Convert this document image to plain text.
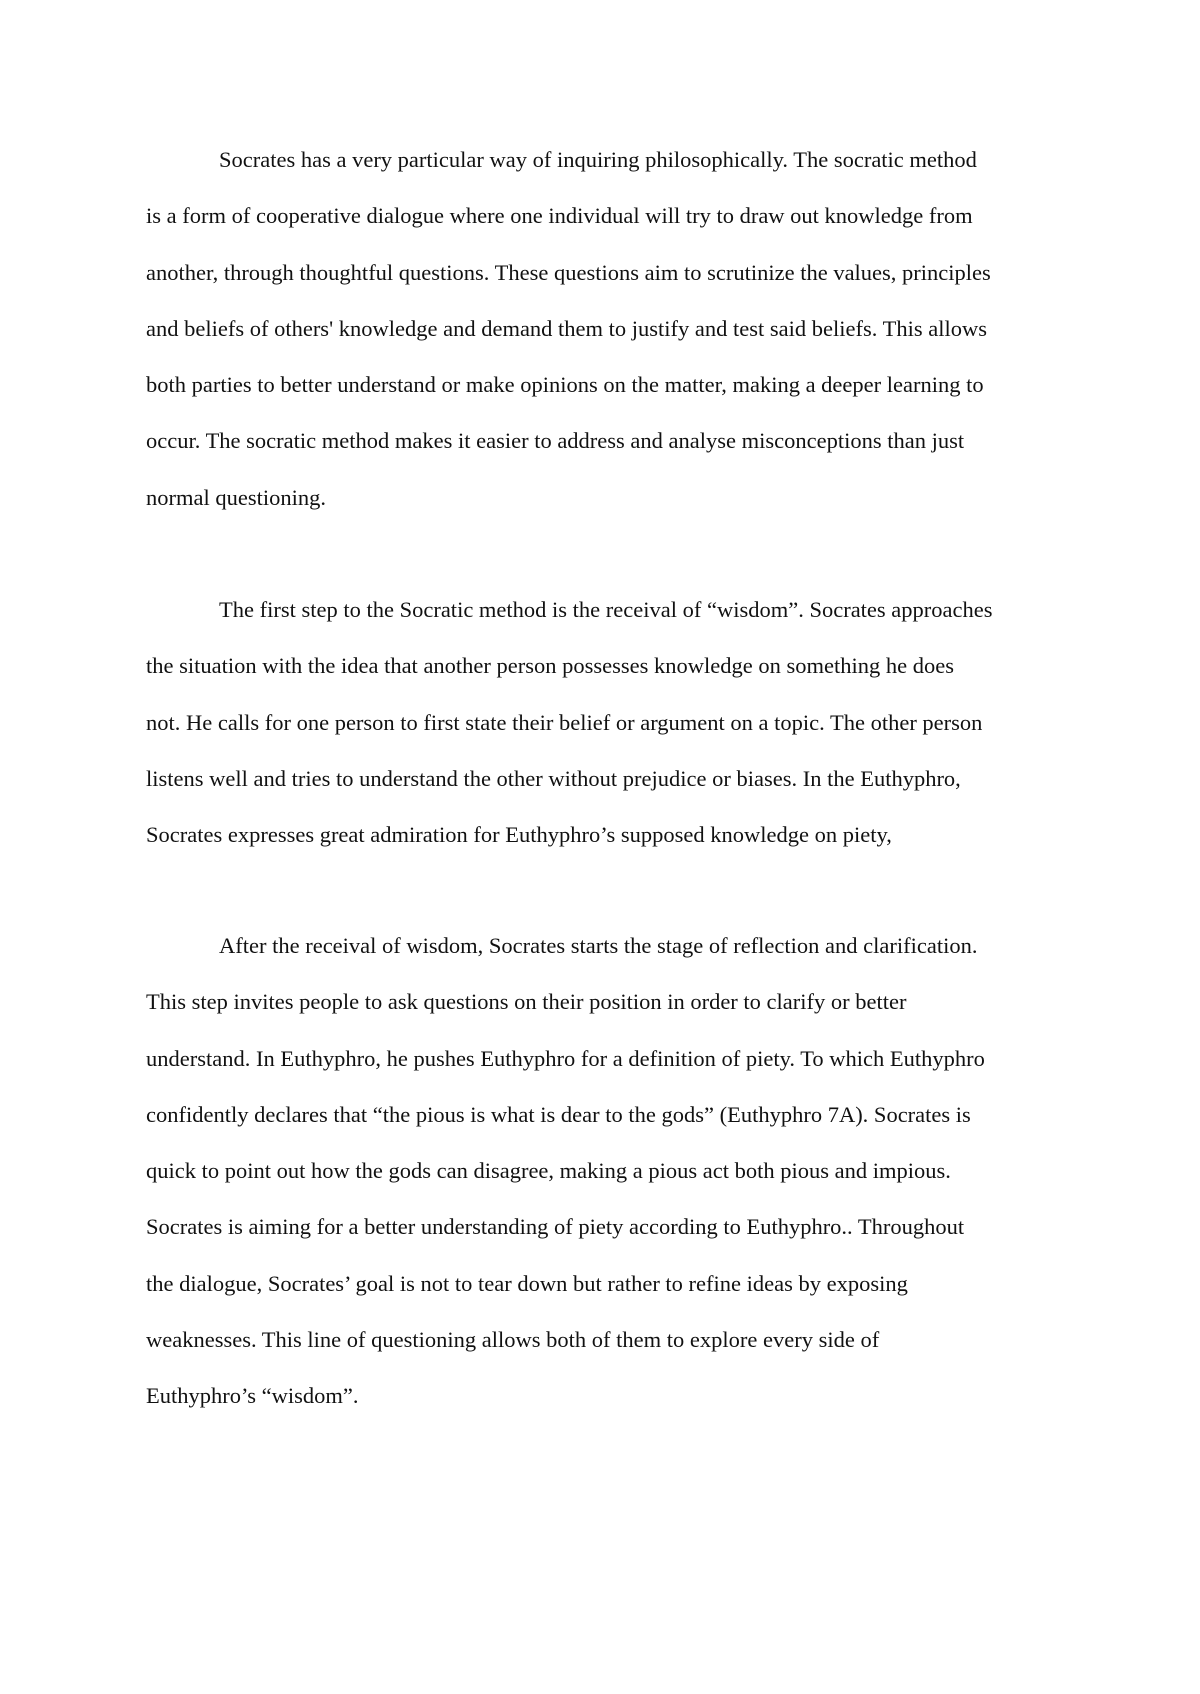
Socrates has a very particular way of inquiring philosophically. The socratic method
is a form of cooperative dialogue where one individual will try to draw out knowledge from
another, through thoughtful questions. These questions aim to scrutinize the values, principles
and beliefs of others' knowledge and demand them to justify and test said beliefs. This allows
both parties to better understand or make opinions on the matter, making a deeper learning to
occur. The socratic method makes it easier to address and analyse misconceptions than just
normal questioning.

The first step to the Socratic method is the receival of “wisdom”. Socrates approaches
the situation with the idea that another person possesses knowledge on something he does
not. He calls for one person to first state their belief or argument on a topic. The other person
listens well and tries to understand the other without prejudice or biases. In the Euthyphro,
Socrates expresses great admiration for Euthyphro’s supposed knowledge on piety,

After the receival of wisdom, Socrates starts the stage of reflection and clarification.
This step invites people to ask questions on their position in order to clarify or better
understand. In Euthyphro, he pushes Euthyphro for a definition of piety. To which Euthyphro
confidently declares that “the pious is what is dear to the gods” (Euthyphro 7A). Socrates is
quick to point out how the gods can disagree, making a pious act both pious and impious.
Socrates is aiming for a better understanding of piety according to Euthyphro.. Throughout
the dialogue, Socrates’ goal is not to tear down but rather to refine ideas by exposing
weaknesses. This line of questioning allows both of them to explore every side of
Euthyphro’s “wisdom”.
